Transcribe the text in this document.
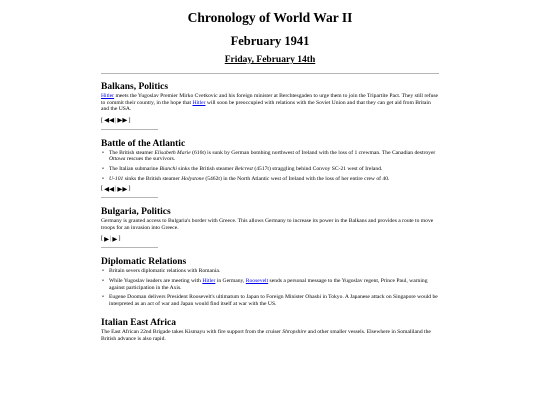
Chronology of World War II
February 1941
Friday, February 14th
Balkans, Politics
Hitler meets the Yugoslav Premier Mirko Cvetkovic and his foreign minister at Berchtesgaden to urge them to join the Tripartite Pact. They still refuse to commit their country, in the hope that Hitler will soon be preoccupied with relations with the Soviet Union and that they can get aid from Britain and the USA.
[ ◀◀ | ▶▶ ]
Battle of the Atlantic
• The British steamer Elisabeth Marie (616t) is sunk by German bombing northwest of Ireland with the loss of 1 crewman. The Canadian destroyer Ottawa rescues the survivors.
• The Italian submarine Bianchi sinks the British steamer Belcrest (4517t) straggling behind Convoy SC-21 west of Ireland.
• U-101 sinks the British steamer Holystone (5462t) in the North Atlantic west of Ireland with the loss of her entire crew of 40.
[ ◀◀ | ▶▶ ]
Bulgaria, Politics
Germany is granted access to Bulgaria's border with Greece. This allows Germany to increase its power in the Balkans and provides a route to move troops for an invasion into Greece.
[ ▶ | ▶ ]
Diplomatic Relations
• Britain severs diplomatic relations with Romania.
• While Yugoslav leaders are meeting with Hitler in Germany, Roosevelt sends a personal message to the Yugoslav regent, Prince Paul, warning against participation in the Axis.
• Eugene Dooman delivers President Roosevelt's ultimatum to Japan to Foreign Minister Ohashi in Tokyo. A Japanese attack on Singapore would be interpreted as an act of war and Japan would find itself at war with the US.
Italian East Africa
The East African 22nd Brigade takes Kismayu with fire support from the cruiser Shropshire and other smaller vessels. Elsewhere in Somaliland the British advance is also rapid.
